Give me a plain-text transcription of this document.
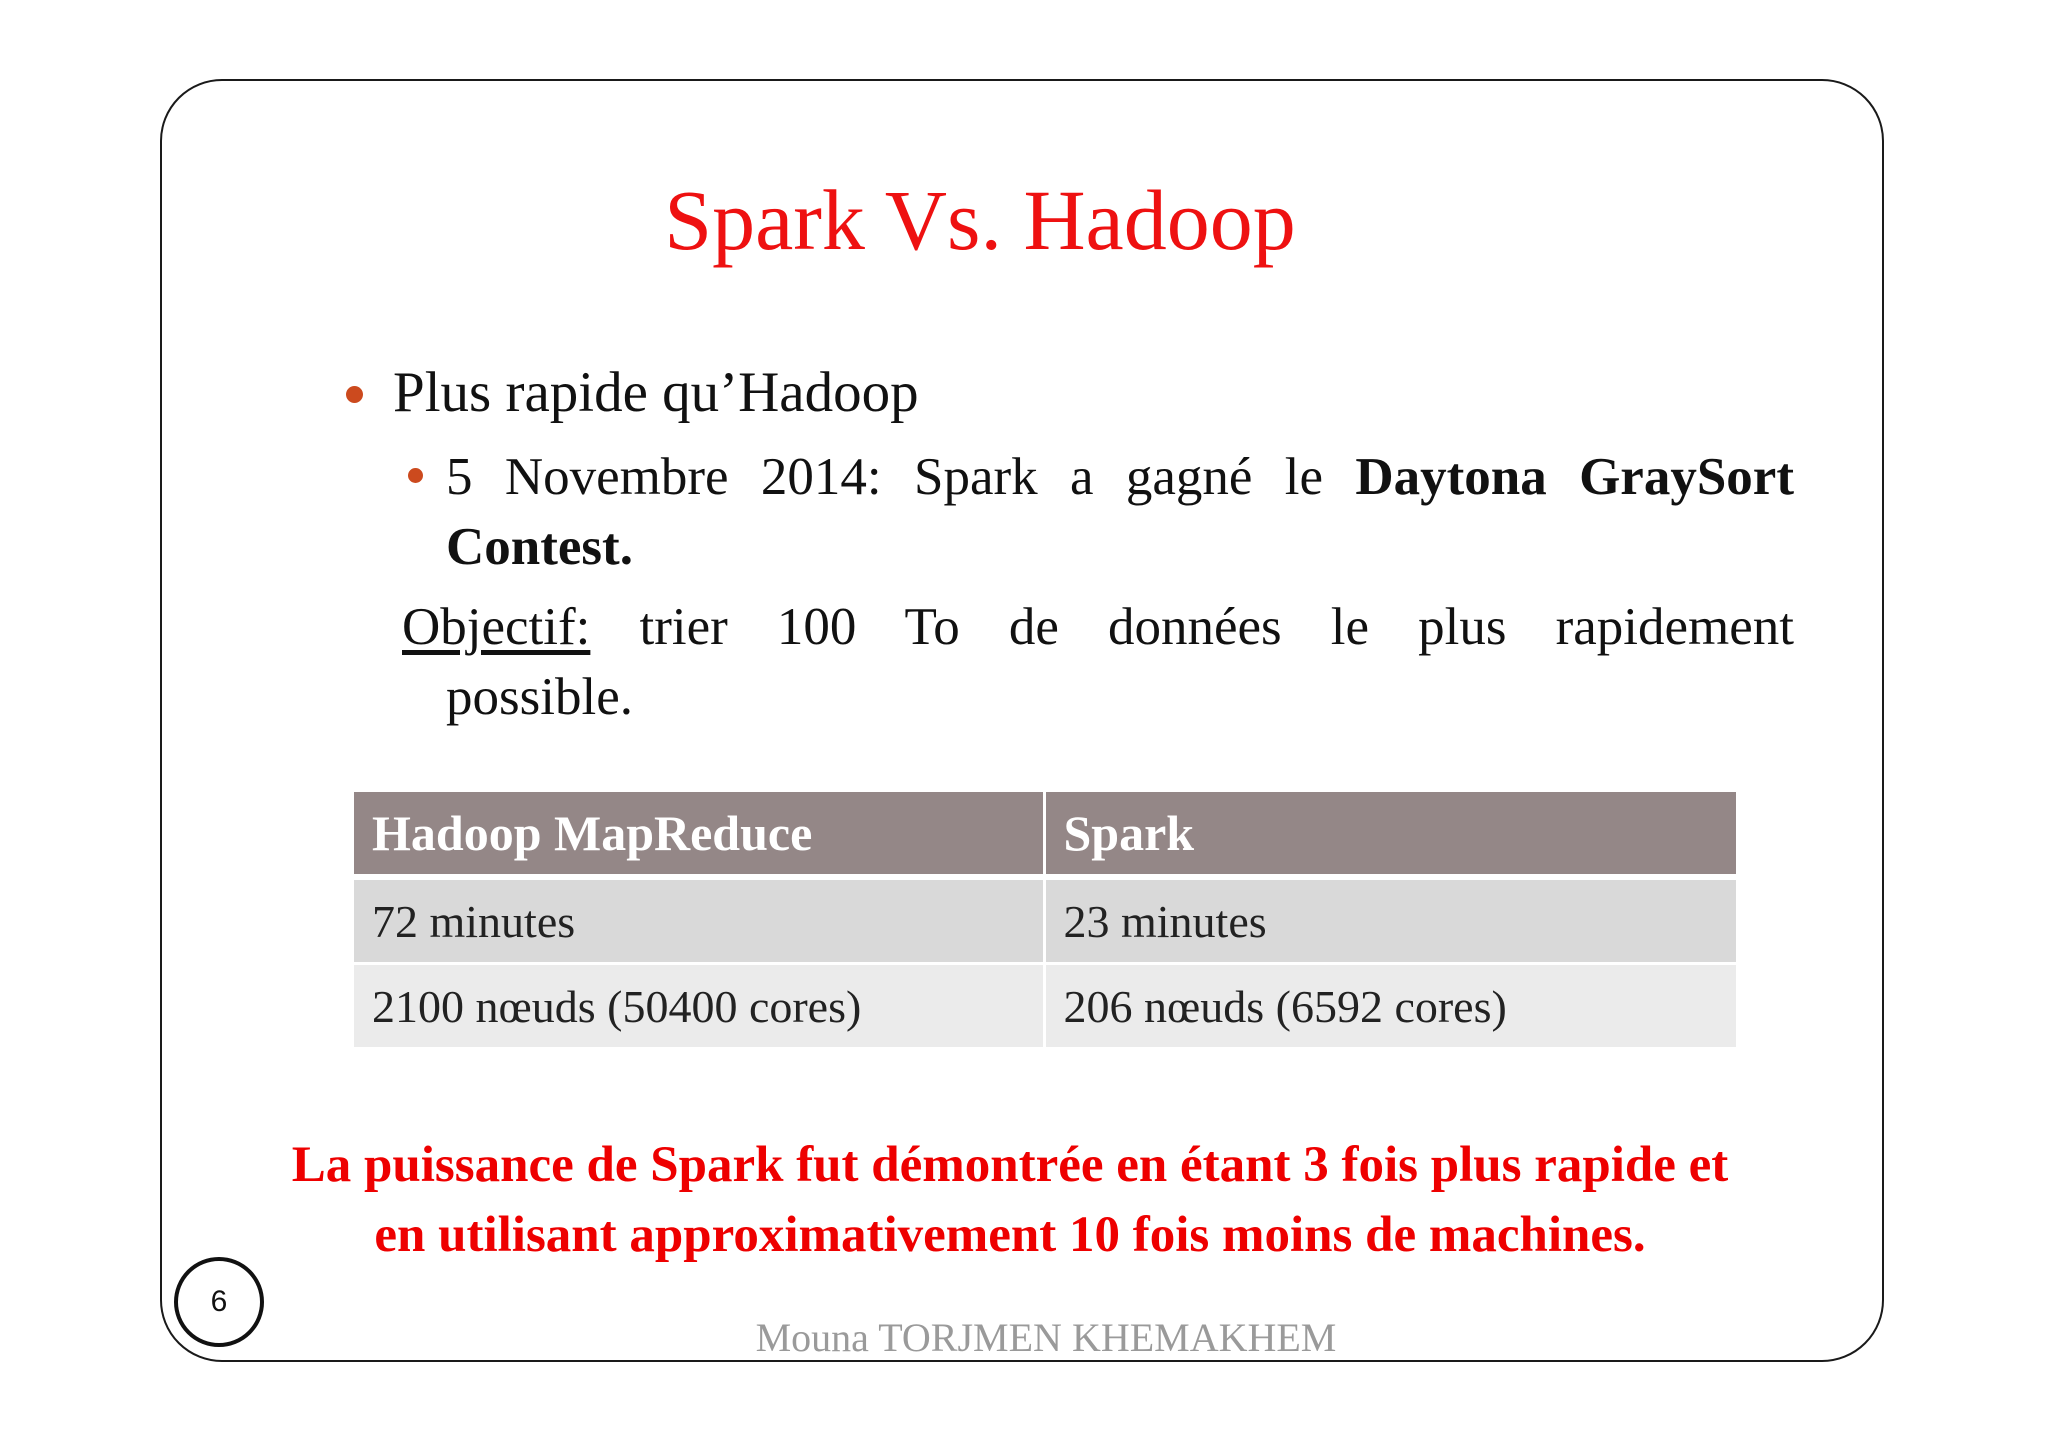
Spark Vs. Hadoop
Plus rapide qu’Hadoop
5 Novembre 2014: Spark a gagné le Daytona GraySort
Contest.
Objectif: trier 100 To de données le plus rapidement
possible.
Hadoop MapReduce	Spark
72 minutes	23 minutes
2100 nœuds (50400 cores)	206 nœuds (6592 cores)
La puissance de Spark fut démontrée en étant 3 fois plus rapide et
en utilisant approximativement 10 fois moins de machines.
6
Mouna TORJMEN KHEMAKHEM
